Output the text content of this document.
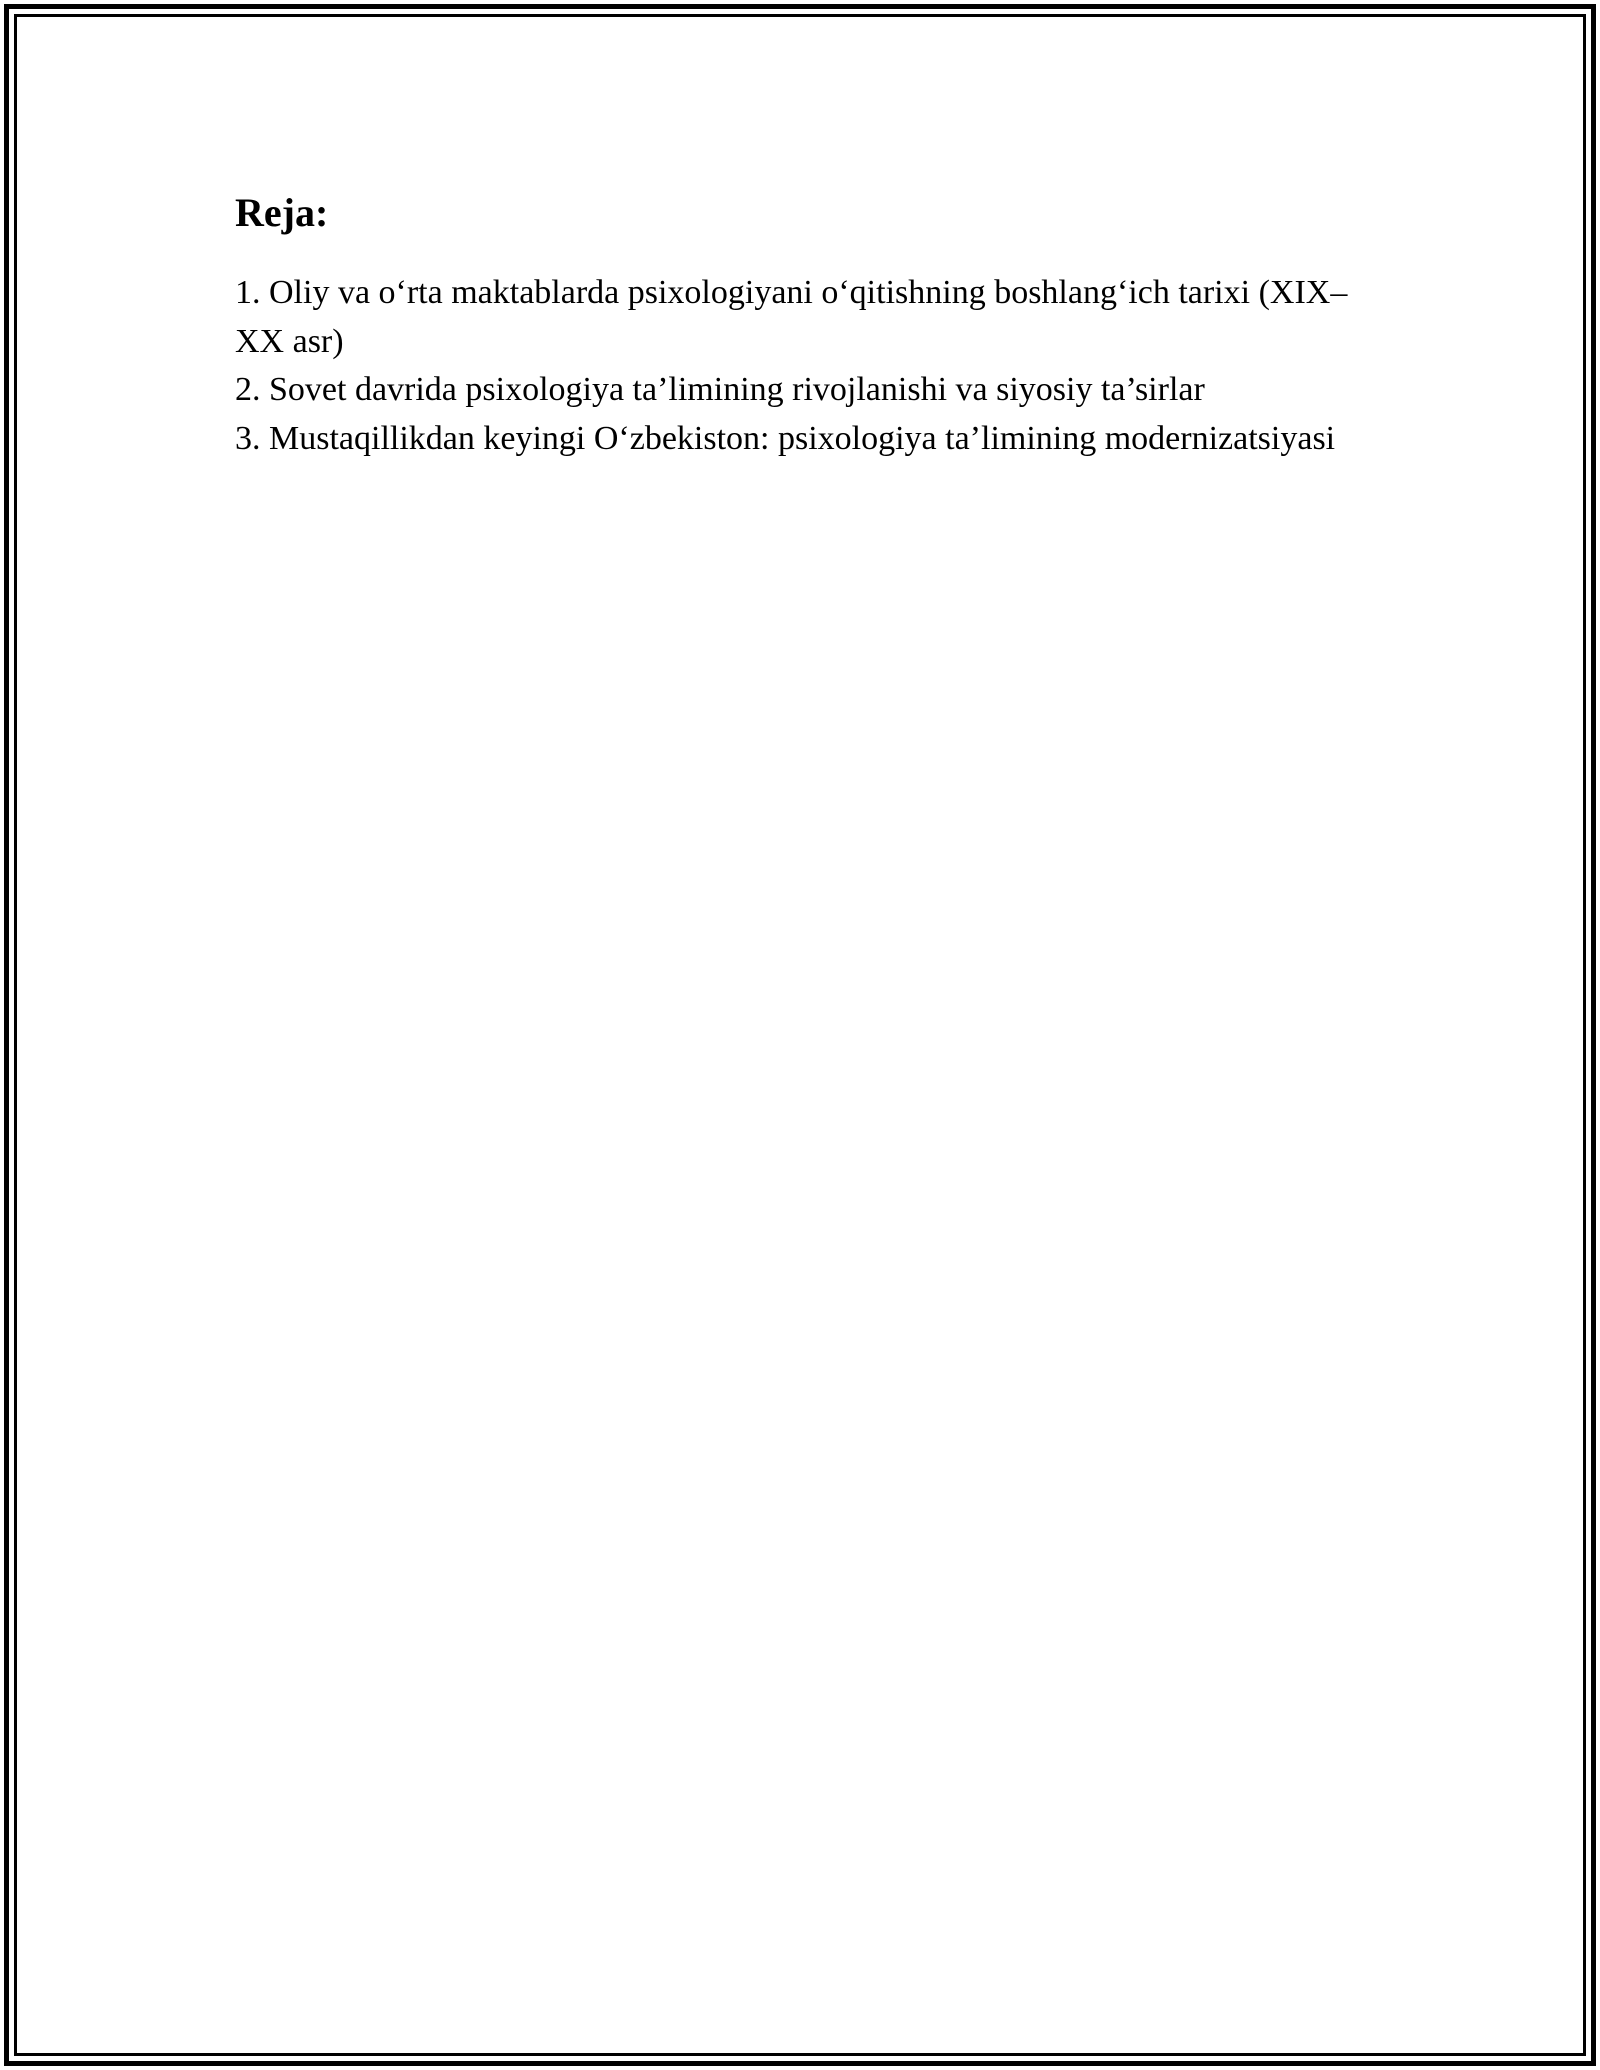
Reja:
1. Oliy va o‘rta maktablarda psixologiyani o‘qitishning boshlang‘ich tarixi (XIX–XX asr)
2. Sovet davrida psixologiya ta’limining rivojlanishi va siyosiy ta’sirlar
3. Mustaqillikdan keyingi O‘zbekiston: psixologiya ta’limining modernizatsiyasi
